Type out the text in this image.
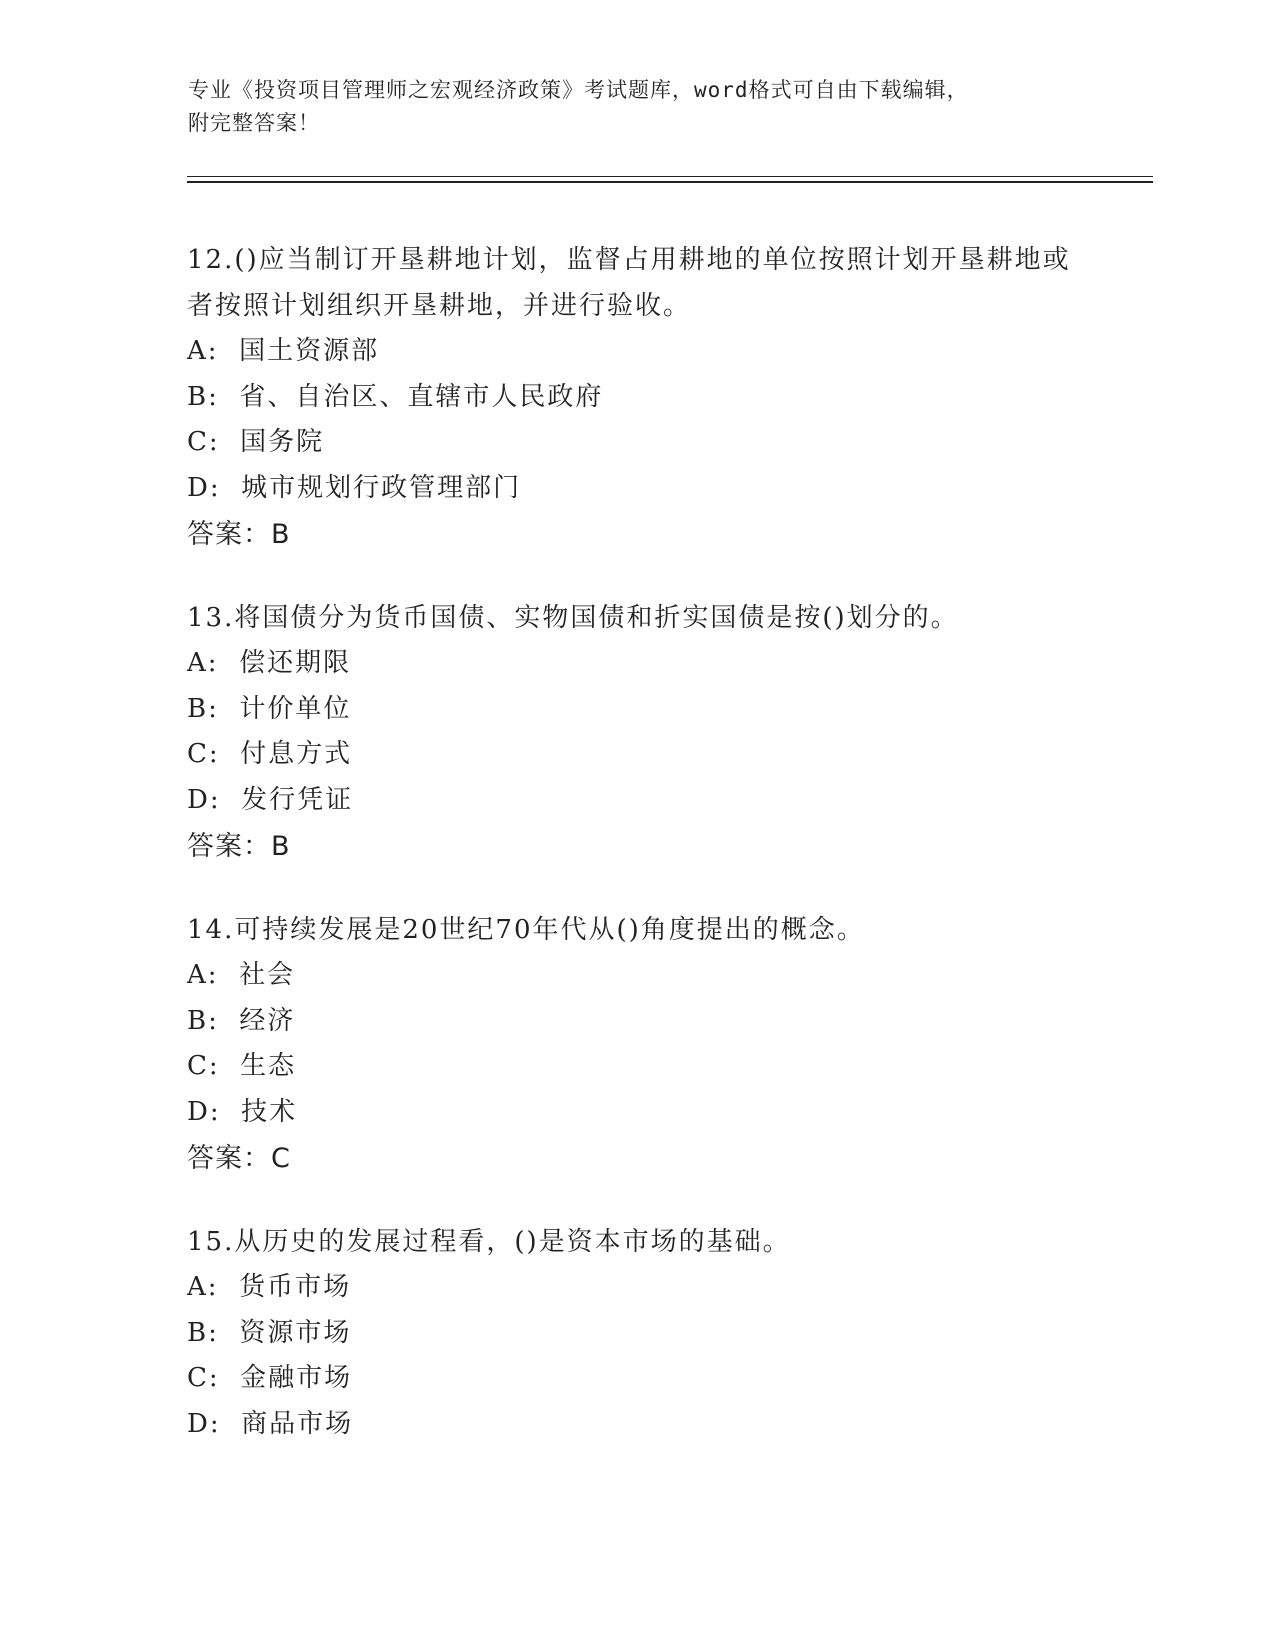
专业《投资项目管理师之宏观经济政策》考试题库，word格式可自由下载编辑，
附完整答案！
12.()应当制订开垦耕地计划，监督占用耕地的单位按照计划开垦耕地或者按照计划组织开垦耕地，并进行验收。
A:  国土资源部
B:  省、自治区、直辖市人民政府
C:  国务院
D:  城市规划行政管理部门
答案：B
13.将国债分为货币国债、实物国债和折实国债是按()划分的。
A:  偿还期限
B:  计价单位
C:  付息方式
D:  发行凭证
答案：B
14.可持续发展是20世纪70年代从()角度提出的概念。
A:  社会
B:  经济
C:  生态
D:  技术
答案：C
15.从历史的发展过程看，()是资本市场的基础。
A:  货币市场
B:  资源市场
C:  金融市场
D:  商品市场
